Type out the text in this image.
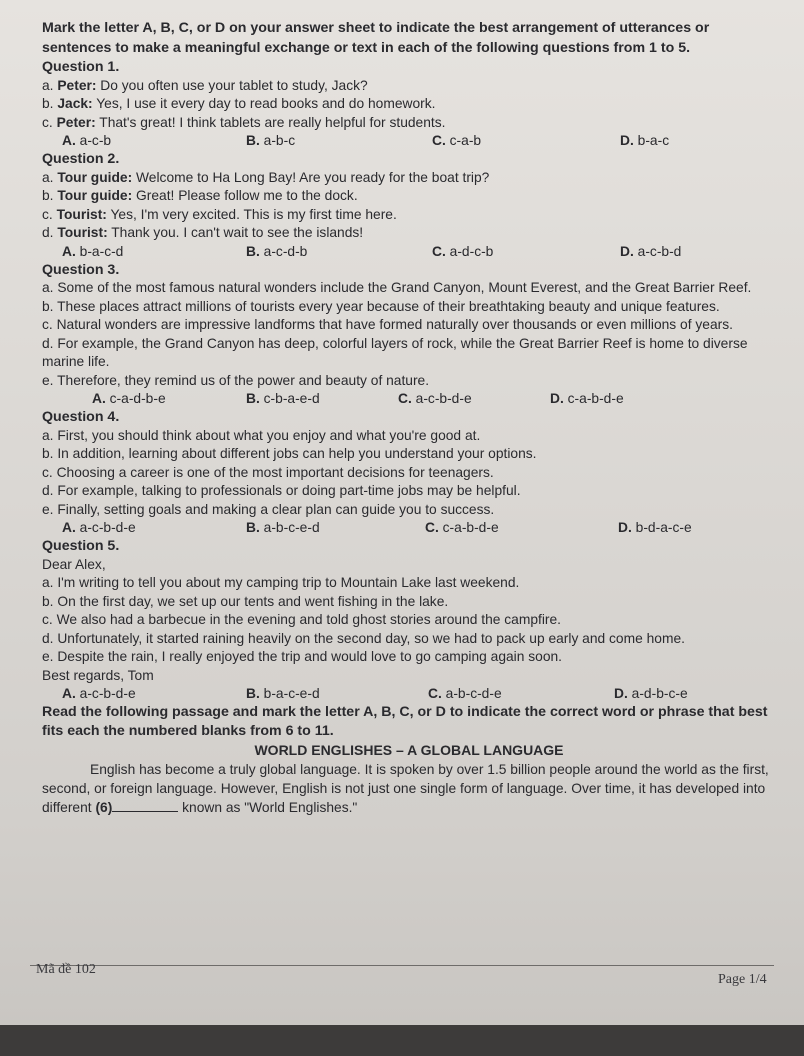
Mark the letter A, B, C, or D on your answer sheet to indicate the best arrangement of utterances or sentences to make a meaningful exchange or text in each of the following questions from 1 to 5.

Question 1.

a. Peter: Do you often use your tablet to study, Jack?

b. Jack: Yes, I use it every day to read books and do homework.

c. Peter: That's great! I think tablets are really helpful for students.

A. a-c-b	B. a-b-c	C. c-a-b	D. b-a-c

Question 2.

a. Tour guide: Welcome to Ha Long Bay! Are you ready for the boat trip?

b. Tour guide: Great! Please follow me to the dock.

c. Tourist: Yes, I'm very excited. This is my first time here.

d. Tourist: Thank you. I can't wait to see the islands!

A. b-a-c-d	B. a-c-d-b	C. a-d-c-b	D. a-c-b-d

Question 3.

a. Some of the most famous natural wonders include the Grand Canyon, Mount Everest, and the Great Barrier Reef.

b. These places attract millions of tourists every year because of their breathtaking beauty and unique features.

c. Natural wonders are impressive landforms that have formed naturally over thousands or even millions of years.

d. For example, the Grand Canyon has deep, colorful layers of rock, while the Great Barrier Reef is home to diverse marine life.

e. Therefore, they remind us of the power and beauty of nature.

A. c-a-d-b-e	B. c-b-a-e-d	C. a-c-b-d-e	D. c-a-b-d-e

Question 4.

a. First, you should think about what you enjoy and what you're good at.

b. In addition, learning about different jobs can help you understand your options.

c. Choosing a career is one of the most important decisions for teenagers.

d. For example, talking to professionals or doing part-time jobs may be helpful.

e. Finally, setting goals and making a clear plan can guide you to success.

A. a-c-b-d-e	B. a-b-c-e-d	C. c-a-b-d-e	D. b-d-a-c-e

Question 5.

Dear Alex,

a. I'm writing to tell you about my camping trip to Mountain Lake last weekend.

b. On the first day, we set up our tents and went fishing in the lake.

c. We also had a barbecue in the evening and told ghost stories around the campfire.

d. Unfortunately, it started raining heavily on the second day, so we had to pack up early and come home.

e. Despite the rain, I really enjoyed the trip and would love to go camping again soon.

Best regards, Tom

A. a-c-b-d-e	B. b-a-c-e-d	C. a-b-c-d-e	D. a-d-b-c-e

Read the following passage and mark the letter A, B, C, or D to indicate the correct word or phrase that best fits each the numbered blanks from 6 to 11.

WORLD ENGLISHES – A GLOBAL LANGUAGE

English has become a truly global language. It is spoken by over 1.5 billion people around the world as the first, second, or foreign language. However, English is not just one single form of language. Over time, it has developed into different (6)	known as "World Englishes."

Mã đề 102
Page 1/4
